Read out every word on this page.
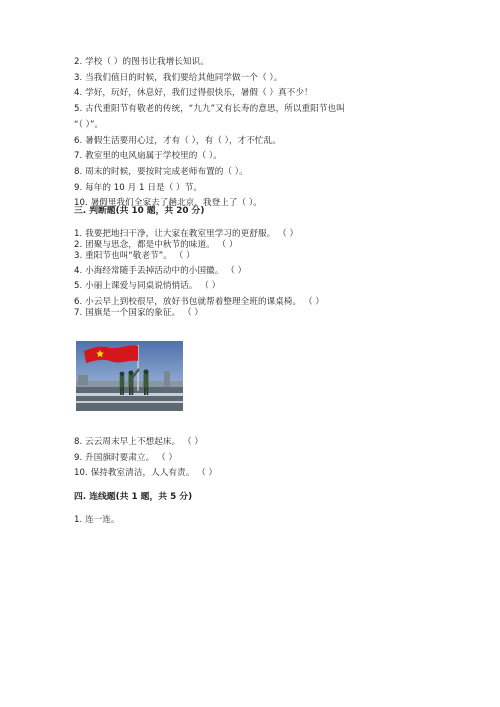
2. 学校（ ）的图书让我增长知识。
3. 当我们值日的时候，我们要给其他同学做一个（ ）。
4. 学好，玩好，休息好，我们过得很快乐，暑假（ ）真不少！
5. 古代重阳节有敬老的传统，“九九”又有长寿的意思，所以重阳节也叫
“（ ）”。
6. 暑假生活要用心过，才有（ ），有（ ），才不忙乱。
7. 教室里的电风扇属于学校里的（ ）。
8. 周末的时候，要按时完成老师布置的（ ）。
9. 每年的 10 月 1 日是（ ）节。
10. 暑假里我们全家去了趟北京，我登上了（ ）。
三. 判断题(共 10 题，共 20 分)
1. 我要把地扫干净，让大家在教室里学习的更舒服。 （ ）
2. 团聚与思念，都是中秋节的味道。 （ ）
3. 重阳节也叫“敬老节”。 （ ）
4. 小海经常随手丢掉活动中的小国徽。 （ ）
5. 小丽上课爱与同桌说悄悄话。 （ ）
6. 小云早上到校很早，放好书包就帮着整理全班的课桌椅。 （ ）
8. 云云周末早上不想起床。 （ ）
9. 升国旗时要肃立。 （ ）
10. 保持教室清洁，人人有责。 （ ）
四. 连线题(共 1 题，共 5 分)
1. 连一连。
7. 国旗是一个国家的象征。 （ ）
